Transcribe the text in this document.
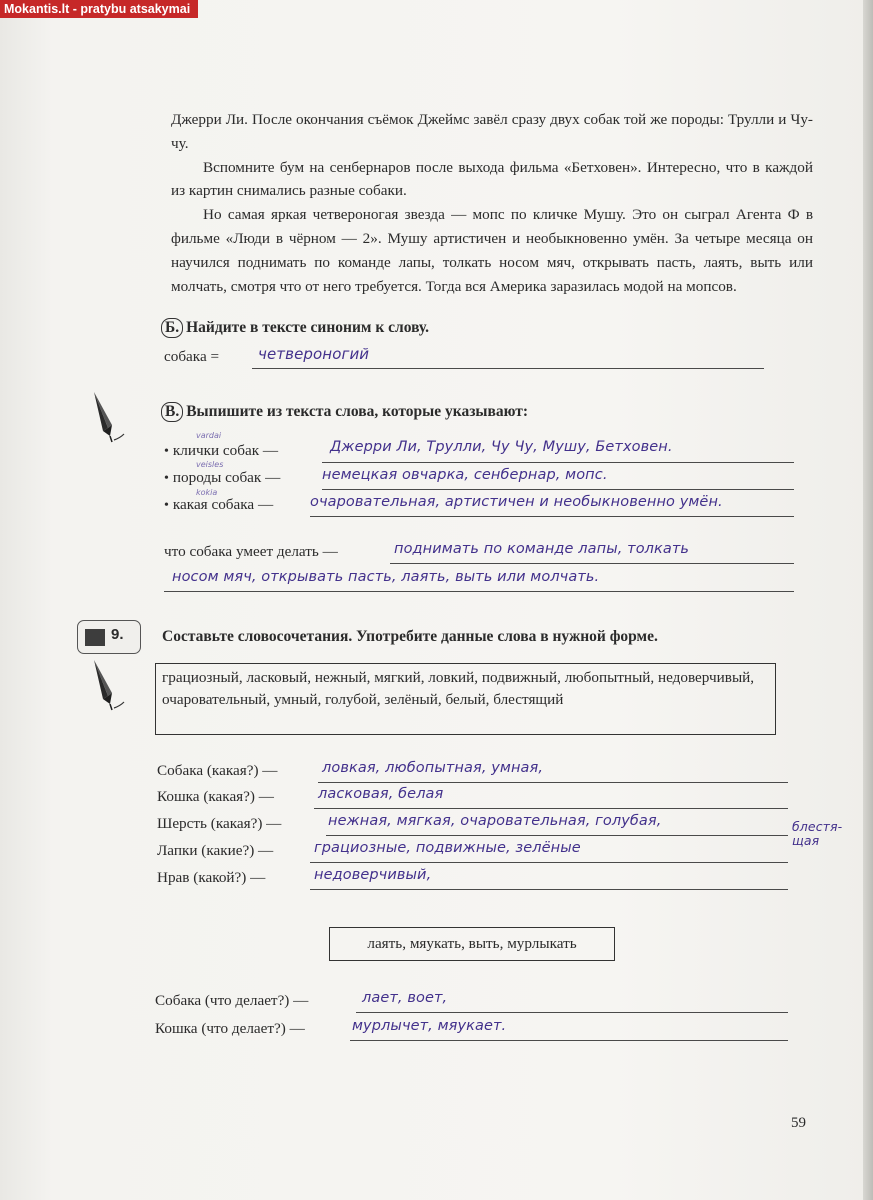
Mokantis.lt - pratybu atsakymai

Джерри Ли. После окончания съёмок Джеймс завёл сразу двух собак той же породы: Трулли и Чу-чу.

Вспомните бум на сенбернаров после выхода фильма «Бетховен». Интересно, что в каждой из картин снимались разные собаки.

Но самая яркая четвероногая звезда — мопс по кличке Мушу. Это он сыграл Агента Ф в фильме «Люди в чёрном — 2». Мушу артистичен и необыкновенно умён. За четыре месяца он научился поднимать по команде лапы, толкать носом мяч, открывать пасть, лаять, выть или молчать, смотря что от него требуется. Тогда вся Америка заразилась модой на мопсов.

Б. Найдите в тексте синоним к слову.
собака =	четвероногий
В. Выпишите из текста слова, которые указывают:
vardai
• клички собак —	Джерри Ли, Трулли, Чу Чу, Мушу, Бетховен.
veisles
• породы собак —	немецкая овчарка, сенбернар, мопс.
kokia
• какая собака —	очаровательная, артистичен и необыкновенно умён.
что собака умеет делать —	поднимать по команде лапы, толкать
носом мяч, открывать пасть, лаять, выть или молчать.
9. Составьте словосочетания. Употребите данные слова в нужной форме.
грациозный, ласковый, нежный, мягкий, ловкий, подвижный, любопытный, недоверчивый, очаровательный, умный, голубой, зелёный, белый, блестящий
Собака (какая?) —	ловкая, любопытная, умная,
Кошка (какая?) —	ласковая, белая
Шерсть (какая?) —	нежная, мягкая, очаровательная, голубая,	блестя- щая
Лапки (какие?) —	грациозные, подвижные, зелёные
Нрав (какой?) —	недоверчивый,
лаять, мяукать, выть, мурлыкать
Собака (что делает?) —	лает, воет,
Кошка (что делает?) —	мурлычет, мяукает.
59
